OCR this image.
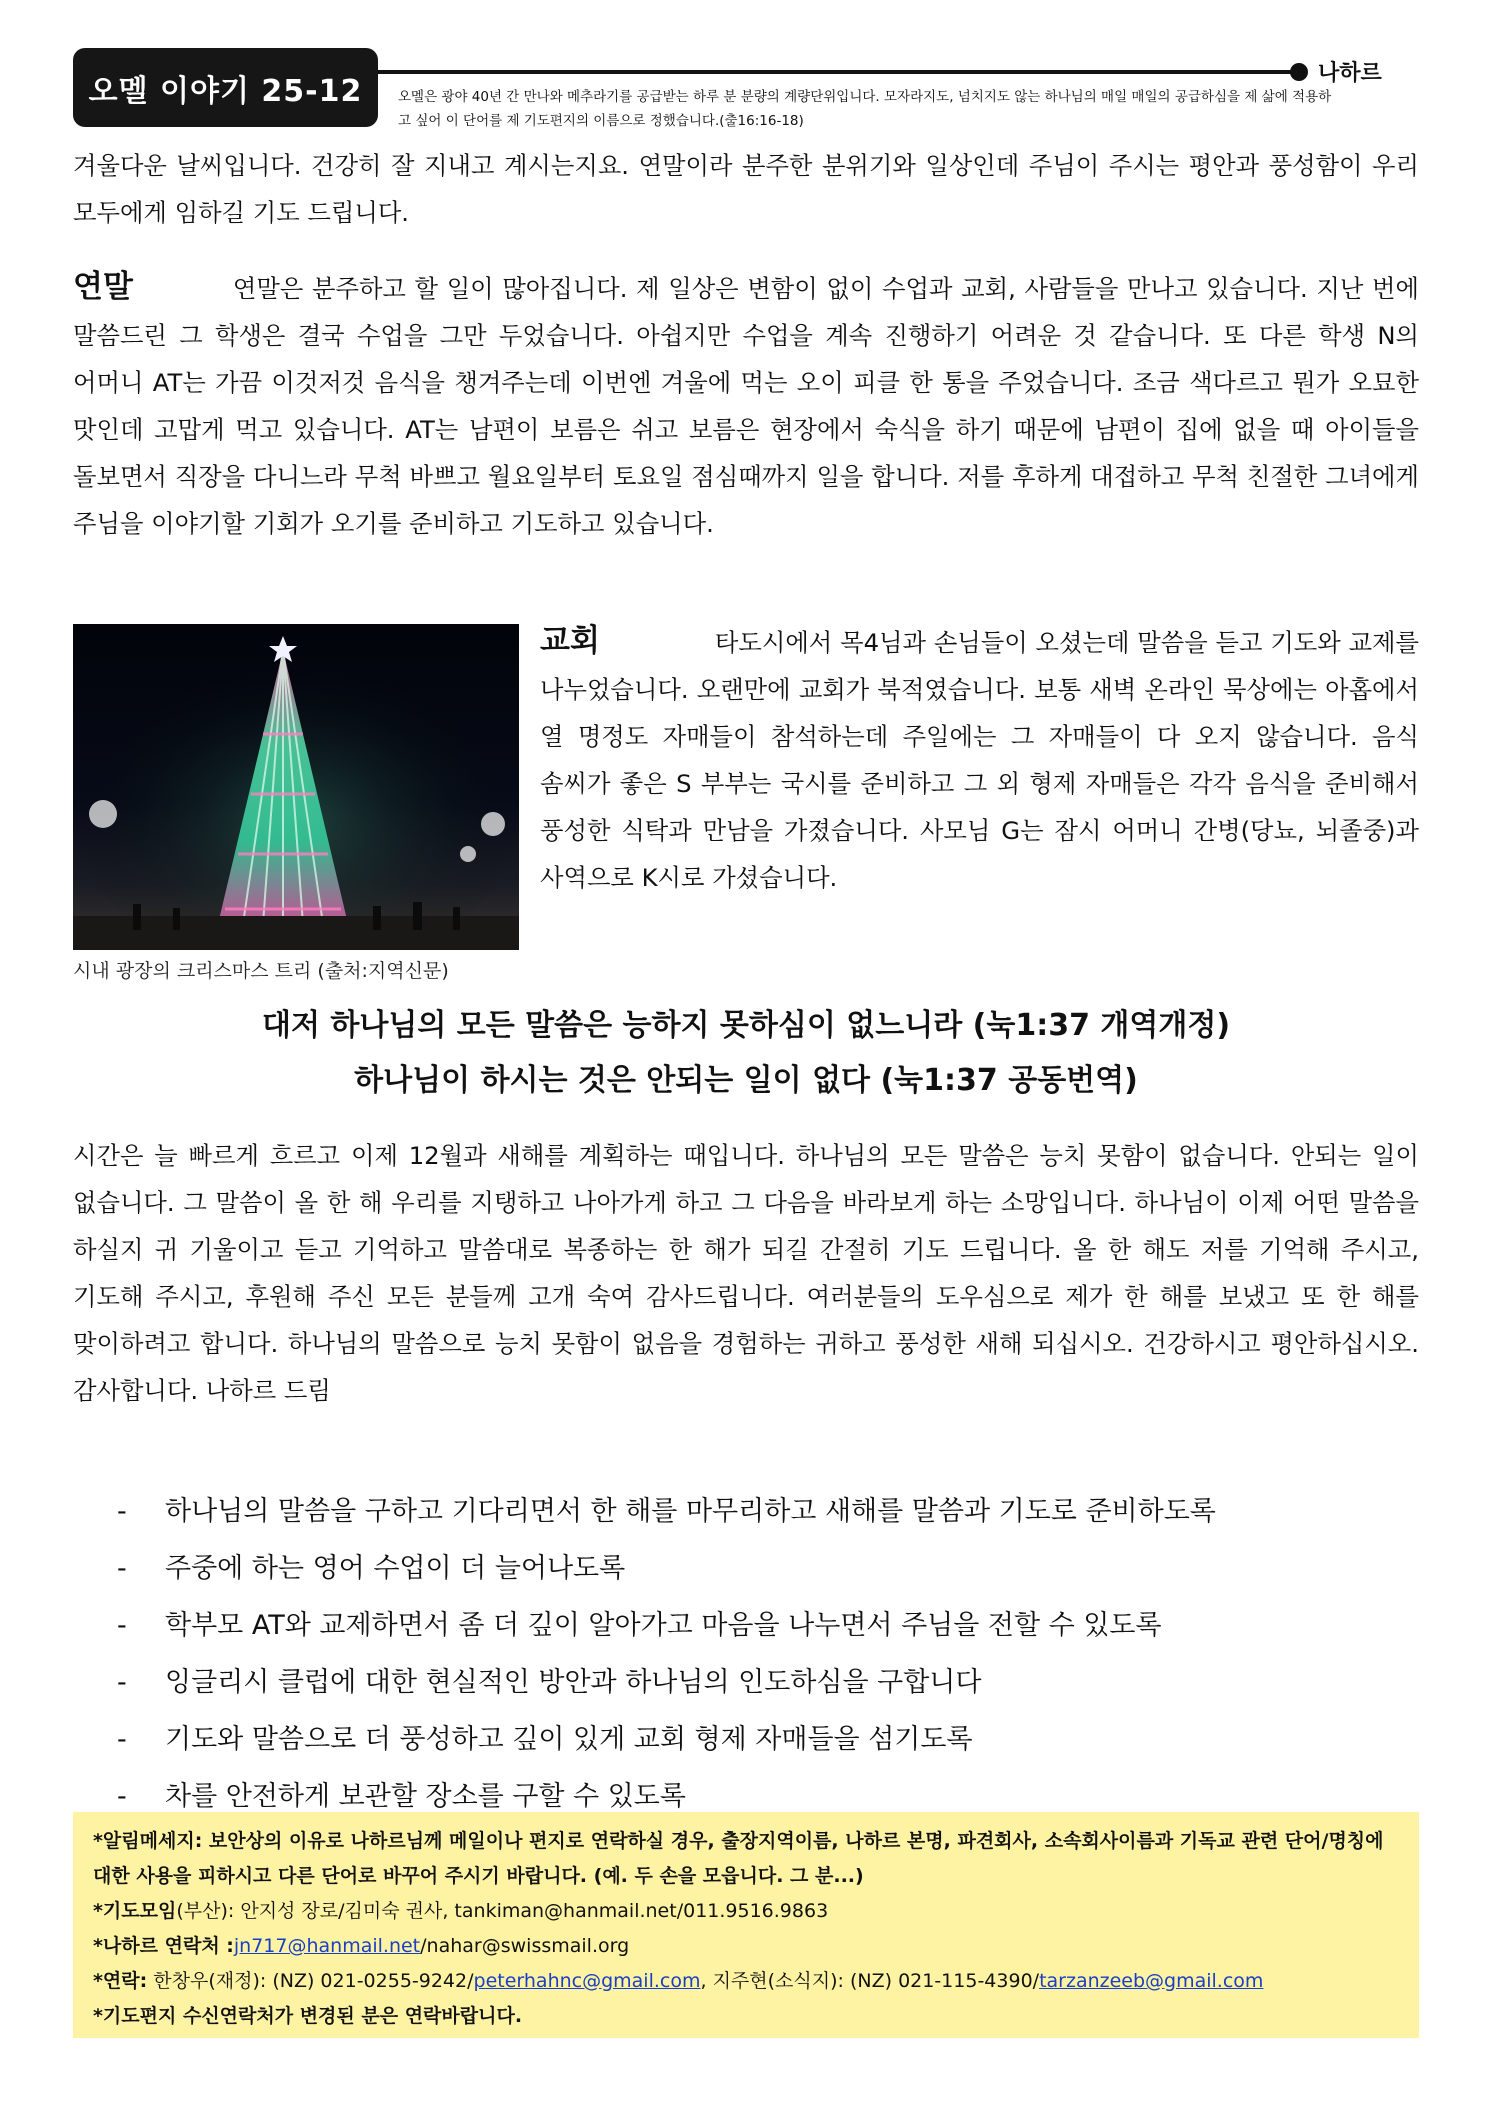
오멜 이야기 25-12	나하르
오멜은 광야 40년 간 만나와 메추라기를 공급받는 하루 분 분량의 계량단위입니다. 모자라지도, 넘치지도 않는 하나님의 매일 매일의 공급하심을 제 삶에 적용하고 싶어 이 단어를 제 기도편지의 이름으로 정했습니다.(출16:16-18)
겨울다운 날씨입니다. 건강히 잘 지내고 계시는지요. 연말이라 분주한 분위기와 일상인데 주님이 주시는 평안과 풍성함이 우리 모두에게 임하길 기도 드립니다.
연말	연말은 분주하고 할 일이 많아집니다. 제 일상은 변함이 없이 수업과 교회, 사람들을 만나고 있습니다. 지난 번에 말씀드린 그 학생은 결국 수업을 그만 두었습니다. 아쉽지만 수업을 계속 진행하기 어려운 것 같습니다. 또 다른 학생 N의 어머니 AT는 가끔 이것저것 음식을 챙겨주는데 이번엔 겨울에 먹는 오이 피클 한 통을 주었습니다. 조금 색다르고 뭔가 오묘한 맛인데 고맙게 먹고 있습니다. AT는 남편이 보름은 쉬고 보름은 현장에서 숙식을 하기 때문에 남편이 집에 없을 때 아이들을 돌보면서 직장을 다니느라 무척 바쁘고 월요일부터 토요일 점심때까지 일을 합니다. 저를 후하게 대접하고 무척 친절한 그녀에게 주님을 이야기할 기회가 오기를 준비하고 기도하고 있습니다.
시내 광장의 크리스마스 트리 (출처:지역신문)
교회	타도시에서 목4님과 손님들이 오셨는데 말씀을 듣고 기도와 교제를 나누었습니다. 오랜만에 교회가 북적였습니다. 보통 새벽 온라인 묵상에는 아홉에서 열 명정도 자매들이 참석하는데 주일에는 그 자매들이 다 오지 않습니다. 음식 솜씨가 좋은 S 부부는 국시를 준비하고 그 외 형제 자매들은 각각 음식을 준비해서 풍성한 식탁과 만남을 가졌습니다. 사모님 G는 잠시 어머니 간병(당뇨, 뇌졸중)과 사역으로 K시로 가셨습니다.
대저 하나님의 모든 말씀은 능하지 못하심이 없느니라 (눅1:37 개역개정)
하나님이 하시는 것은 안되는 일이 없다 (눅1:37 공동번역)
시간은 늘 빠르게 흐르고 이제 12월과 새해를 계획하는 때입니다. 하나님의 모든 말씀은 능치 못함이 없습니다. 안되는 일이 없습니다. 그 말씀이 올 한 해 우리를 지탱하고 나아가게 하고 그 다음을 바라보게 하는 소망입니다. 하나님이 이제 어떤 말씀을 하실지 귀 기울이고 듣고 기억하고 말씀대로 복종하는 한 해가 되길 간절히 기도 드립니다. 올 한 해도 저를 기억해 주시고, 기도해 주시고, 후원해 주신 모든 분들께 고개 숙여 감사드립니다. 여러분들의 도우심으로 제가 한 해를 보냈고 또 한 해를 맞이하려고 합니다. 하나님의 말씀으로 능치 못함이 없음을 경험하는 귀하고 풍성한 새해 되십시오. 건강하시고 평안하십시오. 감사합니다. 나하르 드림
- 하나님의 말씀을 구하고 기다리면서 한 해를 마무리하고 새해를 말씀과 기도로 준비하도록
- 주중에 하는 영어 수업이 더 늘어나도록
- 학부모 AT와 교제하면서 좀 더 깊이 알아가고 마음을 나누면서 주님을 전할 수 있도록
- 잉글리시 클럽에 대한 현실적인 방안과 하나님의 인도하심을 구합니다
- 기도와 말씀으로 더 풍성하고 깊이 있게 교회 형제 자매들을 섬기도록
- 차를 안전하게 보관할 장소를 구할 수 있도록
*알림메세지: 보안상의 이유로 나하르님께 메일이나 편지로 연락하실 경우, 출장지역이름, 나하르 본명, 파견회사, 소속회사이름과 기독교 관련 단어/명칭에 대한 사용을 피하시고 다른 단어로 바꾸어 주시기 바랍니다. (예. 두 손을 모읍니다. 그 분...)
*기도모임(부산): 안지성 장로/김미숙 권사, tankiman@hanmail.net/011.9516.9863
*나하르 연락처 :jn717@hanmail.net/nahar@swissmail.org
*연락: 한창우(재정): (NZ) 021-0255-9242/peterhahnc@gmail.com, 지주현(소식지): (NZ) 021-115-4390/tarzanzeeb@gmail.com
*기도편지 수신연락처가 변경된 분은 연락바랍니다.
